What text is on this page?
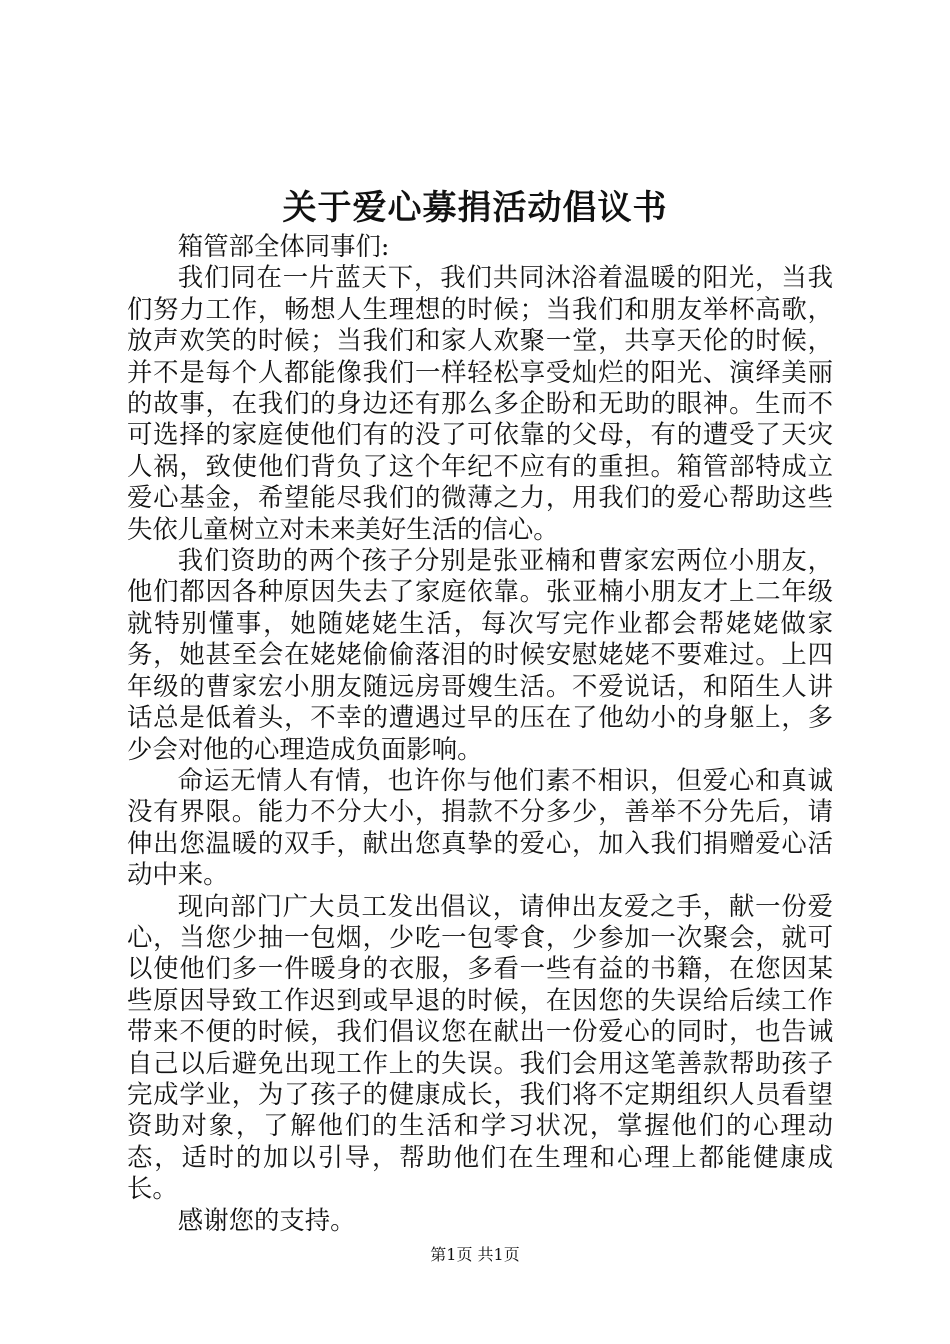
关于爱心募捐活动倡议书

箱管部全体同事们:

我们同在一片蓝天下，我们共同沐浴着温暖的阳光，当我们努力工作，畅想人生理想的时候；当我们和朋友举杯高歌，放声欢笑的时候；当我们和家人欢聚一堂，共享天伦的时候，并不是每个人都能像我们一样轻松享受灿烂的阳光、演绎美丽的故事，在我们的身边还有那么多企盼和无助的眼神。生而不可选择的家庭使他们有的没了可依靠的父母，有的遭受了天灾人祸，致使他们背负了这个年纪不应有的重担。箱管部特成立爱心基金，希望能尽我们的微薄之力，用我们的爱心帮助这些失依儿童树立对未来美好生活的信心。

我们资助的两个孩子分别是张亚楠和曹家宏两位小朋友，他们都因各种原因失去了家庭依靠。张亚楠小朋友才上二年级就特别懂事，她随姥姥生活，每次写完作业都会帮姥姥做家务，她甚至会在姥姥偷偷落泪的时候安慰姥姥不要难过。上四年级的曹家宏小朋友随远房哥嫂生活。不爱说话，和陌生人讲话总是低着头，不幸的遭遇过早的压在了他幼小的身躯上，多少会对他的心理造成负面影响。

命运无情人有情，也许你与他们素不相识，但爱心和真诚没有界限。能力不分大小，捐款不分多少，善举不分先后，请伸出您温暖的双手，献出您真挚的爱心，加入我们捐赠爱心活动中来。

现向部门广大员工发出倡议，请伸出友爱之手，献一份爱心，当您少抽一包烟，少吃一包零食，少参加一次聚会，就可以使他们多一件暖身的衣服，多看一些有益的书籍，在您因某些原因导致工作迟到或早退的时候，在因您的失误给后续工作带来不便的时候，我们倡议您在献出一份爱心的同时，也告诫自己以后避免出现工作上的失误。我们会用这笔善款帮助孩子完成学业，为了孩子的健康成长，我们将不定期组织人员看望资助对象，了解他们的生活和学习状况，掌握他们的心理动态，适时的加以引导，帮助他们在生理和心理上都能健康成长。

感谢您的支持。

第1页 共1页
